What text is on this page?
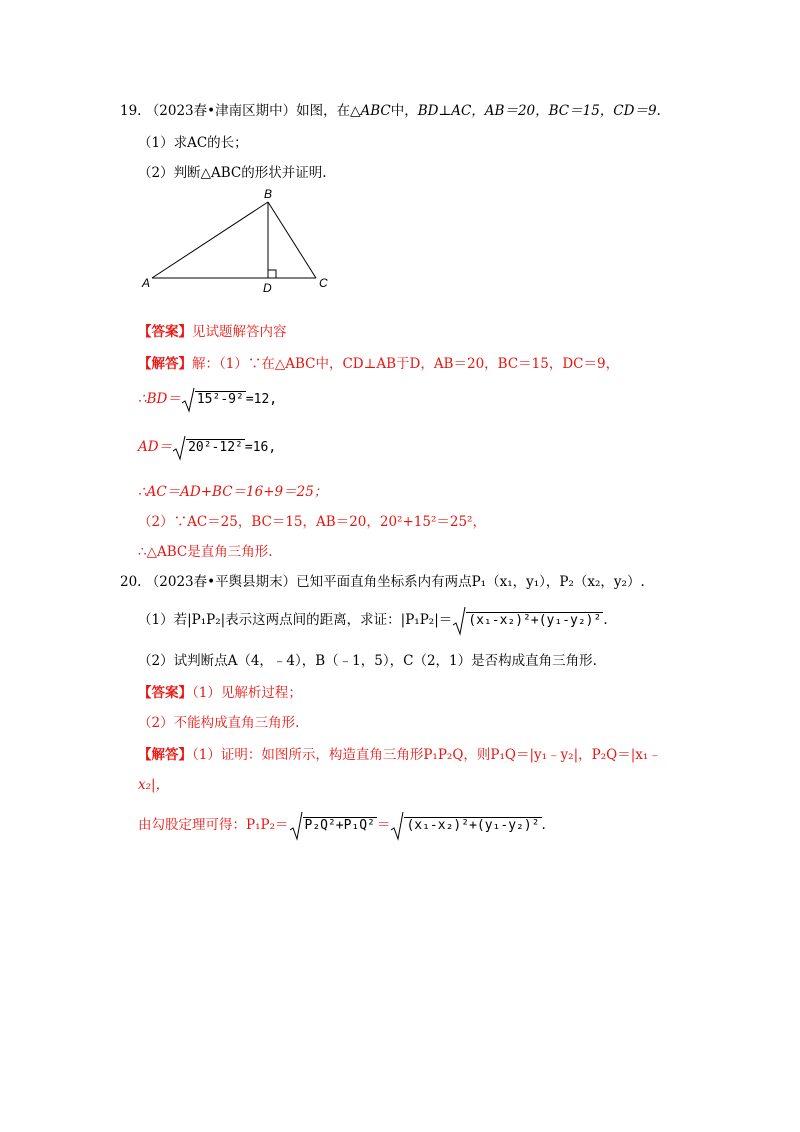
19. （2023春•津南区期中）如图，在△ABC中，BD⊥AC，AB＝20，BC＝15，CD＝9.
（1）求AC的长；
（2）判断△ABC的形状并证明.
A
B
C
D
【答案】见试题解答内容
【解答】解：（1）∵在△ABC中，CD⊥AB于D，AB＝20，BC＝15，DC＝9，
∴BD＝ 15²-9² =12,
AD＝ 20²-12² =16,
∴AC＝AD+BC＝16+9＝25；
（2）∵AC＝25，BC＝15，AB＝20，20²+15²＝25²，
∴△ABC是直角三角形.
20. （2023春•平舆县期末）已知平面直角坐标系内有两点P₁（x₁，y₁），P₂（x₂，y₂）.
（1）若|P₁P₂|表示这两点间的距离，求证：|P₁P₂|＝ (x₁-x₂)²+(y₁-y₂)² .
（2）试判断点A（4，﹣4），B（﹣1，5），C（2，1）是否构成直角三角形.
【答案】（1）见解析过程；
（2）不能构成直角三角形.
【解答】（1）证明：如图所示，构造直角三角形P₁P₂Q，则P₁Q＝|y₁﹣y₂|，P₂Q＝|x₁﹣
x₂|，
由勾股定理可得：P₁P₂＝ P₂Q²+P₁Q² ＝ (x₁-x₂)²+(y₁-y₂)² .
